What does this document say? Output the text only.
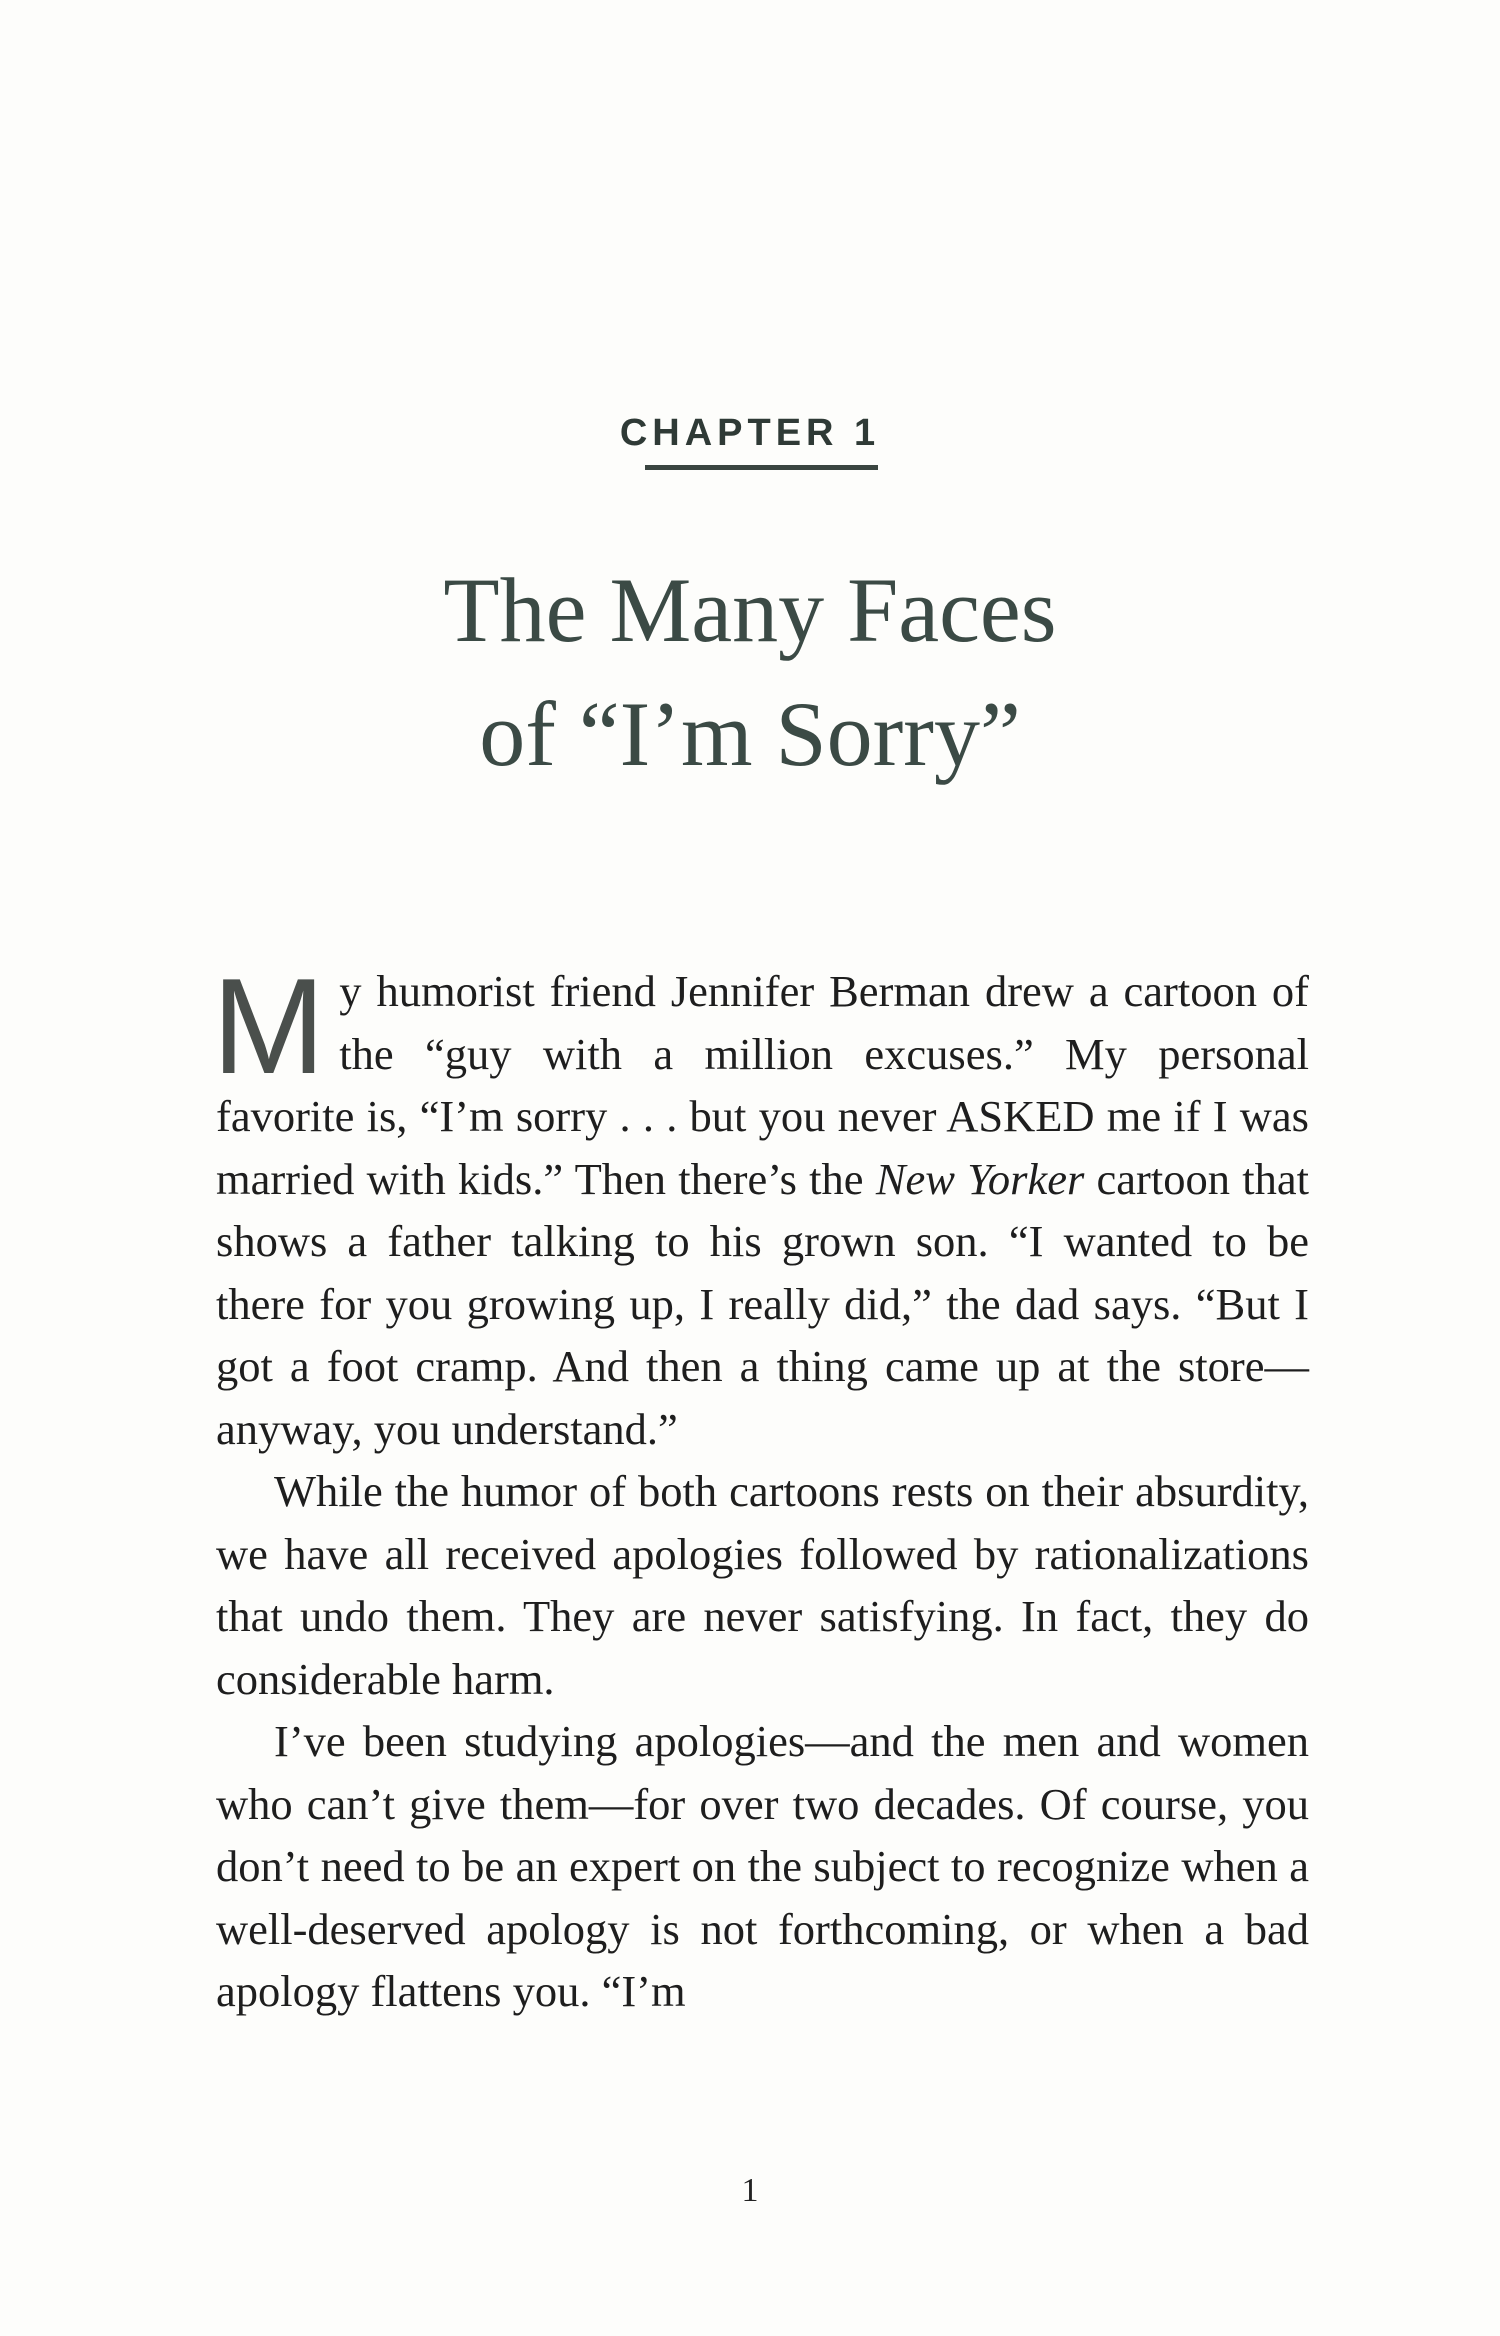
CHAPTER 1
The Many Faces
of “I’m Sorry”

My humorist friend Jennifer Berman drew a cartoon of the “guy with a million excuses.” My personal favorite is, “I’m sorry . . . but you never ASKED me if I was married with kids.” Then there’s the New Yorker cartoon that shows a father talking to his grown son. “I wanted to be there for you growing up, I really did,” the dad says. “But I got a foot cramp. And then a thing came up at the store—anyway, you understand.”

While the humor of both cartoons rests on their absurdity, we have all received apologies followed by rationalizations that undo them. They are never satisfying. In fact, they do considerable harm.

I’ve been studying apologies—and the men and women who can’t give them—for over two decades. Of course, you don’t need to be an expert on the subject to recognize when a well-deserved apology is not forthcoming, or when a bad apology flattens you. “I’m

1
